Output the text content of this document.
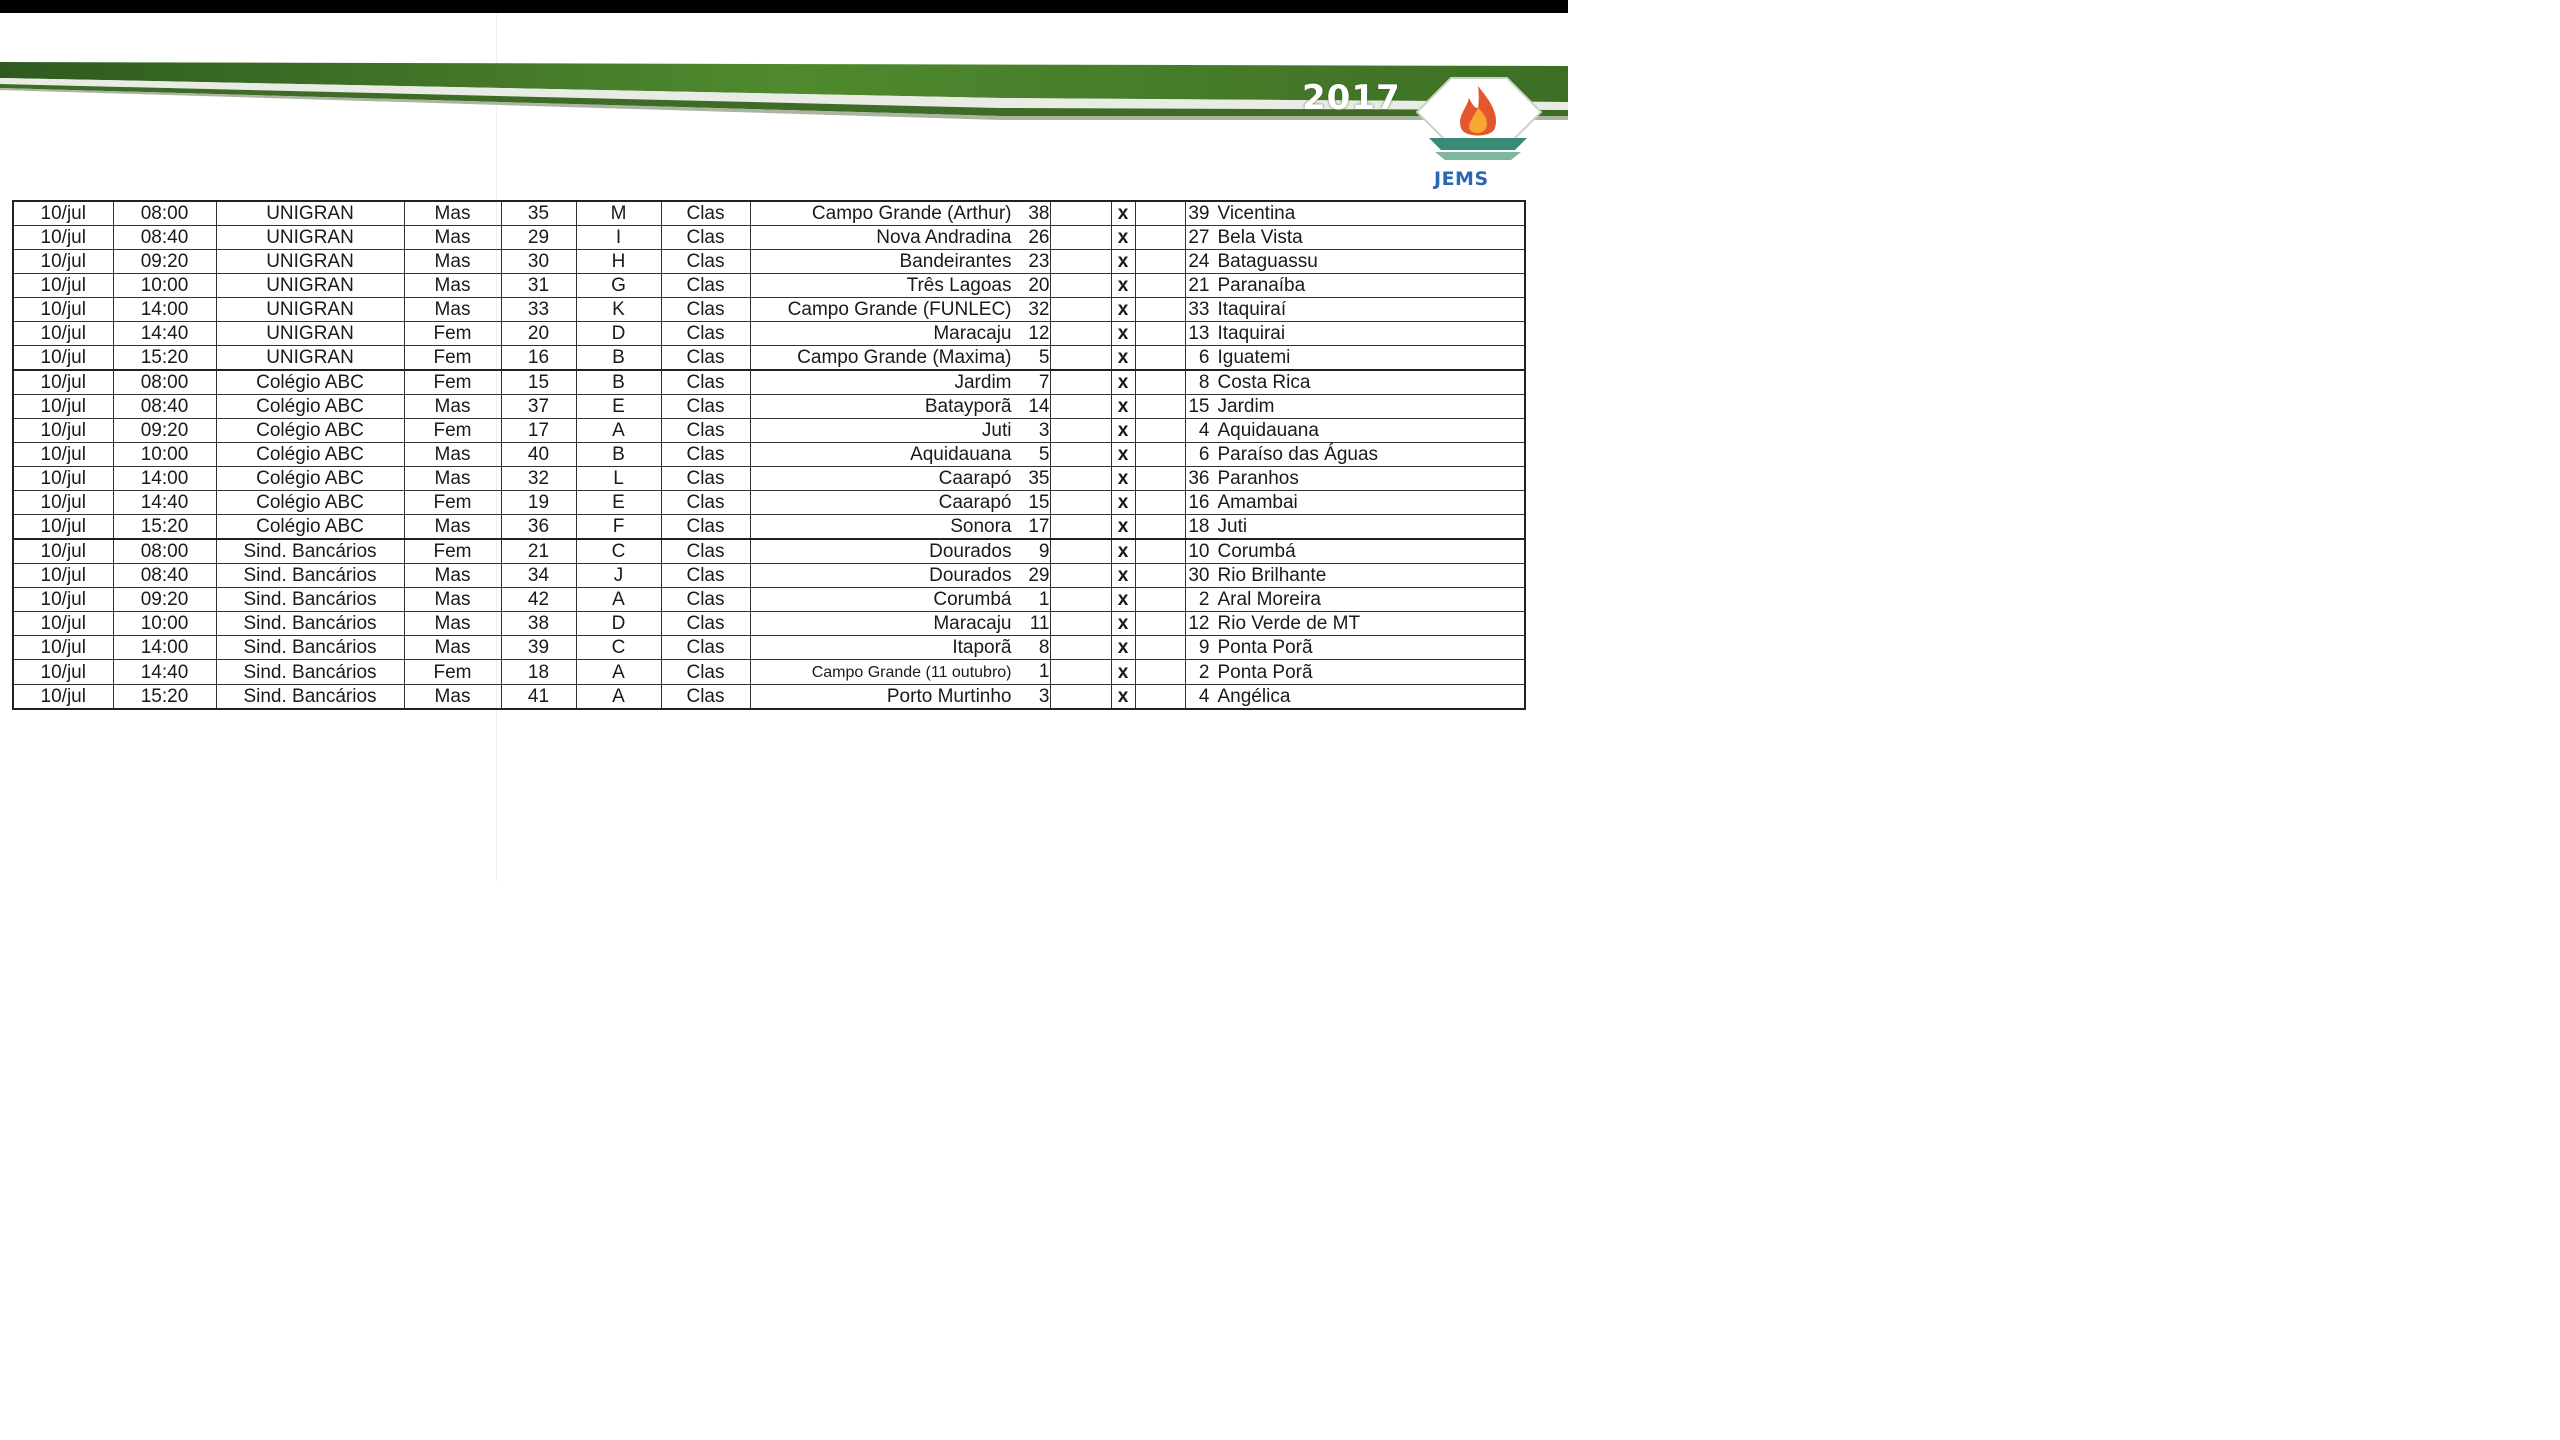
2017
JEMS
10/jul	08:00	UNIGRAN	Mas	35	M	Clas	Campo Grande (Arthur) 38		x		39 Vicentina
10/jul	08:40	UNIGRAN	Mas	29	I	Clas	Nova Andradina 26		x		27 Bela Vista
10/jul	09:20	UNIGRAN	Mas	30	H	Clas	Bandeirantes 23		x		24 Bataguassu
10/jul	10:00	UNIGRAN	Mas	31	G	Clas	Três Lagoas 20		x		21 Paranaíba
10/jul	14:00	UNIGRAN	Mas	33	K	Clas	Campo Grande (FUNLEC) 32		x		33 Itaquiraí
10/jul	14:40	UNIGRAN	Fem	20	D	Clas	Maracaju 12		x		13 Itaquirai
10/jul	15:20	UNIGRAN	Fem	16	B	Clas	Campo Grande (Maxima) 5		x		6 Iguatemi
10/jul	08:00	Colégio ABC	Fem	15	B	Clas	Jardim 7		x		8 Costa Rica
10/jul	08:40	Colégio ABC	Mas	37	E	Clas	Batayporã 14		x		15 Jardim
10/jul	09:20	Colégio ABC	Fem	17	A	Clas	Juti 3		x		4 Aquidauana
10/jul	10:00	Colégio ABC	Mas	40	B	Clas	Aquidauana 5		x		6 Paraíso das Águas
10/jul	14:00	Colégio ABC	Mas	32	L	Clas	Caarapó 35		x		36 Paranhos
10/jul	14:40	Colégio ABC	Fem	19	E	Clas	Caarapó 15		x		16 Amambai
10/jul	15:20	Colégio ABC	Mas	36	F	Clas	Sonora 17		x		18 Juti
10/jul	08:00	Sind. Bancários	Fem	21	C	Clas	Dourados 9		x		10 Corumbá
10/jul	08:40	Sind. Bancários	Mas	34	J	Clas	Dourados 29		x		30 Rio Brilhante
10/jul	09:20	Sind. Bancários	Mas	42	A	Clas	Corumbá 1		x		2 Aral Moreira
10/jul	10:00	Sind. Bancários	Mas	38	D	Clas	Maracaju 11		x		12 Rio Verde de MT
10/jul	14:00	Sind. Bancários	Mas	39	C	Clas	Itaporã 8		x		9 Ponta Porã
10/jul	14:40	Sind. Bancários	Fem	18	A	Clas	Campo Grande (11 outubro) 1		x		2 Ponta Porã
10/jul	15:20	Sind. Bancários	Mas	41	A	Clas	Porto Murtinho 3		x		4 Angélica
